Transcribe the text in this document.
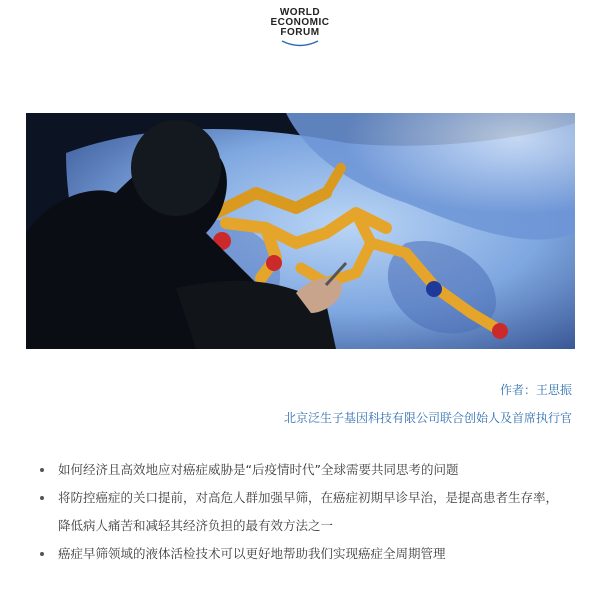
WORLD
ECONOMIC
FORUM
作者：王思振
北京泛生子基因科技有限公司联合创始人及首席执行官
如何经济且高效地应对癌症威胁是“后疫情时代”全球需要共同思考的问题
将防控癌症的关口提前，对高危人群加强早筛，在癌症初期早诊早治，是提高患者生存率，
降低病人痛苦和减轻其经济负担的最有效方法之一
癌症早筛领域的液体活检技术可以更好地帮助我们实现癌症全周期管理
